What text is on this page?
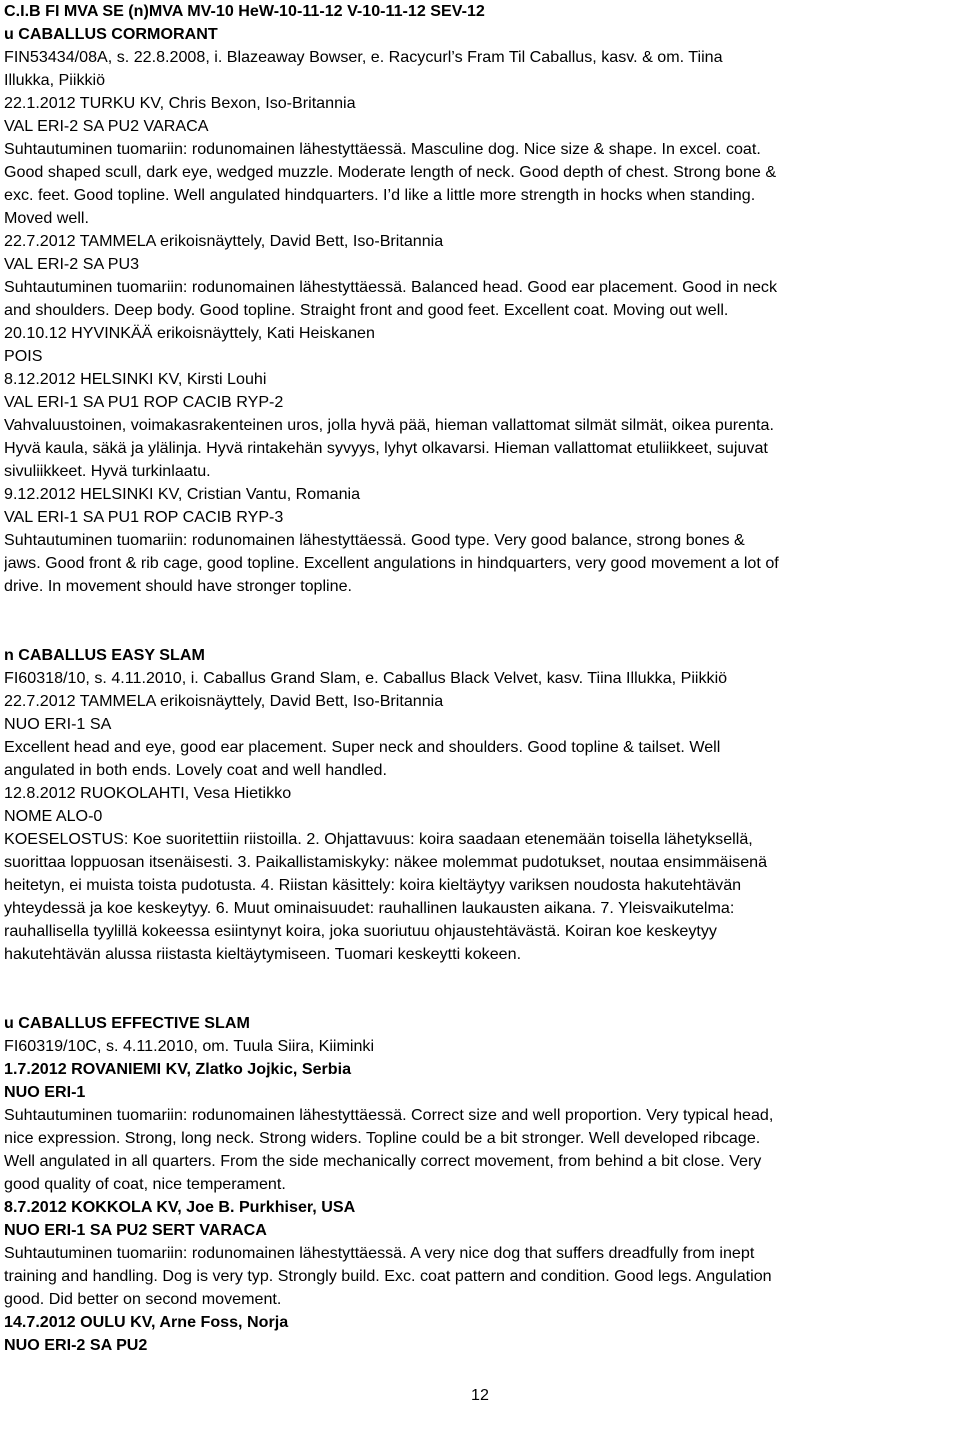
C.I.B FI MVA SE (n)MVA MV-10 HeW-10-11-12 V-10-11-12 SEV-12
u CABALLUS CORMORANT
FIN53434/08A, s. 22.8.2008, i. Blazeaway Bowser, e. Racycurl’s Fram Til Caballus, kasv. & om. Tiina
Illukka, Piikkiö
22.1.2012 TURKU KV, Chris Bexon, Iso-Britannia
VAL ERI-2 SA PU2 VARACA
Suhtautuminen tuomariin: rodunomainen lähestyttäessä. Masculine dog. Nice size & shape. In excel. coat.
Good shaped scull, dark eye, wedged muzzle. Moderate length of neck. Good depth of chest. Strong bone &
exc. feet. Good topline. Well angulated hindquarters. I’d like a little more strength in hocks when standing.
Moved well.
22.7.2012 TAMMELA erikoisnäyttely, David Bett, Iso-Britannia
VAL ERI-2 SA PU3
Suhtautuminen tuomariin: rodunomainen lähestyttäessä. Balanced head. Good ear placement. Good in neck
and shoulders. Deep body. Good topline. Straight front and good feet. Excellent coat. Moving out well.
20.10.12 HYVINKÄÄ erikoisnäyttely, Kati Heiskanen
POIS
8.12.2012 HELSINKI KV, Kirsti Louhi
VAL ERI-1 SA PU1 ROP CACIB RYP-2
Vahvaluustoinen, voimakasrakenteinen uros, jolla hyvä pää, hieman vallattomat silmät silmät, oikea purenta.
Hyvä kaula, säkä ja ylälinja. Hyvä rintakehän syvyys, lyhyt olkavarsi. Hieman vallattomat etuliikkeet, sujuvat
sivuliikkeet. Hyvä turkinlaatu.
9.12.2012 HELSINKI KV, Cristian Vantu, Romania
VAL ERI-1 SA PU1 ROP CACIB RYP-3
Suhtautuminen tuomariin: rodunomainen lähestyttäessä. Good type. Very good balance, strong bones &
jaws. Good front & rib cage, good topline. Excellent angulations in hindquarters, very good movement a lot of
drive. In movement should have stronger topline.
n CABALLUS EASY SLAM
FI60318/10, s. 4.11.2010, i. Caballus Grand Slam, e. Caballus Black Velvet, kasv. Tiina Illukka, Piikkiö
22.7.2012 TAMMELA erikoisnäyttely, David Bett, Iso-Britannia
NUO ERI-1 SA
Excellent head and eye, good ear placement. Super neck and shoulders. Good topline & tailset. Well
angulated in both ends. Lovely coat and well handled.
12.8.2012 RUOKOLAHTI, Vesa Hietikko
NOME ALO-0
KOESELOSTUS: Koe suoritettiin riistoilla. 2. Ohjattavuus: koira saadaan etenemään toisella lähetyksellä,
suorittaa loppuosan itsenäisesti. 3. Paikallistamiskyky: näkee molemmat pudotukset, noutaa ensimmäisenä
heitetyn, ei muista toista pudotusta. 4. Riistan käsittely: koira kieltäytyy variksen noudosta hakutehtävän
yhteydessä ja koe keskeytyy. 6. Muut ominaisuudet: rauhallinen laukausten aikana. 7. Yleisvaikutelma:
rauhallisella tyylillä kokeessa esiintynyt koira, joka suoriutuu ohjaustehtävästä. Koiran koe keskeytyy
hakutehtävän alussa riistasta kieltäytymiseen. Tuomari keskeytti kokeen.
u CABALLUS EFFECTIVE SLAM
FI60319/10C, s. 4.11.2010, om. Tuula Siira, Kiiminki
1.7.2012 ROVANIEMI KV, Zlatko Jojkic, Serbia
NUO ERI-1
Suhtautuminen tuomariin: rodunomainen lähestyttäessä. Correct size and well proportion. Very typical head,
nice expression. Strong, long neck. Strong widers. Topline could be a bit stronger. Well developed ribcage.
Well angulated in all quarters. From the side mechanically correct movement, from behind a bit close. Very
good quality of coat, nice temperament.
8.7.2012 KOKKOLA KV, Joe B. Purkhiser, USA
NUO ERI-1 SA PU2 SERT VARACA
Suhtautuminen tuomariin: rodunomainen lähestyttäessä. A very nice dog that suffers dreadfully from inept
training and handling. Dog is very typ. Strongly build. Exc. coat pattern and condition. Good legs. Angulation
good. Did better on second movement.
14.7.2012 OULU KV, Arne Foss, Norja
NUO ERI-2 SA PU2
12
